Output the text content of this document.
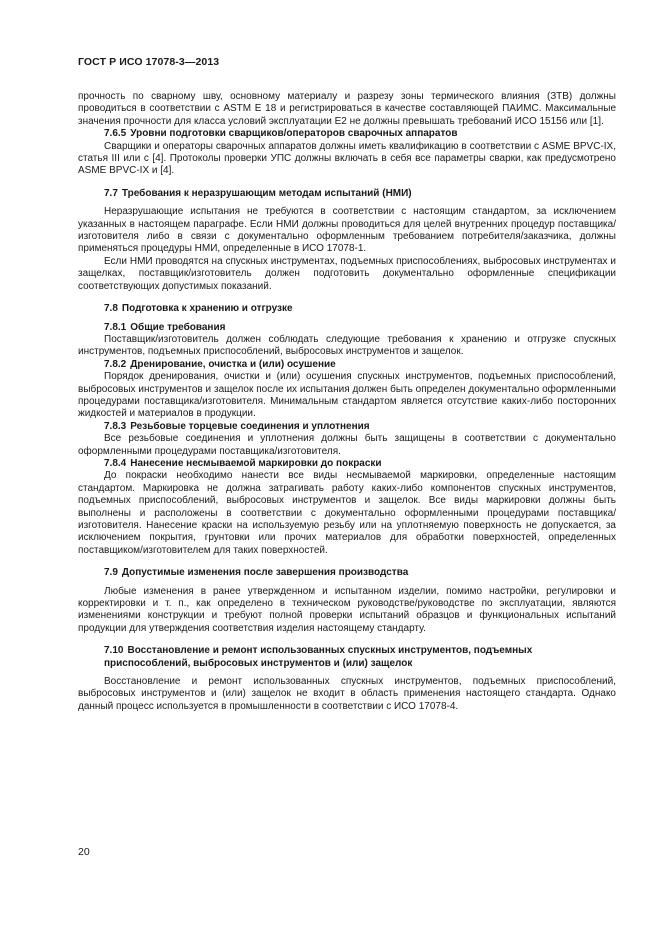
ГОСТ Р ИСО 17078-3—2013

прочность по сварному шву, основному материалу и разрезу зоны термического влияния (ЗТВ) должны проводиться в соответствии с ASTM Е 18 и регистрироваться в качестве составляющей ПАИМС. Максимальные значения прочности для класса условий эксплуатации Е2 не должны превышать требований ИСО 15156 или [1].

7.6.5 Уровни подготовки сварщиков/операторов сварочных аппаратов

Сварщики и операторы сварочных аппаратов должны иметь квалификацию в соответствии с ASME BPVC-IX, статья III или с [4]. Протоколы проверки УПС должны включать в себя все параметры сварки, как предусмотрено ASME BPVC-IX и [4].

7.7 Требования к неразрушающим методам испытаний (НМИ)

Неразрушающие испытания не требуются в соответствии с настоящим стандартом, за исключением указанных в настоящем параграфе. Если НМИ должны проводиться для целей внутренних процедур поставщика/изготовителя либо в связи с документально оформленным требованием потребителя/заказчика, должны применяться процедуры НМИ, определенные в ИСО 17078-1.

Если НМИ проводятся на спускных инструментах, подъемных приспособлениях, выбросовых инструментах и защелках, поставщик/изготовитель должен подготовить документально оформленные спецификации соответствующих допустимых показаний.

7.8 Подготовка к хранению и отгрузке
7.8.1 Общие требования

Поставщик/изготовитель должен соблюдать следующие требования к хранению и отгрузке спускных инструментов, подъемных приспособлений, выбросовых инструментов и защелок.

7.8.2 Дренирование, очистка и (или) осушение

Порядок дренирования, очистки и (или) осушения спускных инструментов, подъемных приспособлений, выбросовых инструментов и защелок после их испытания должен быть определен документально оформленными процедурами поставщика/изготовителя. Минимальным стандартом является отсутствие каких-либо посторонних жидкостей и материалов в продукции.

7.8.3 Резьбовые торцевые соединения и уплотнения

Все резьбовые соединения и уплотнения должны быть защищены в соответствии с документально оформленными процедурами поставщика/изготовителя.

7.8.4 Нанесение несмываемой маркировки до покраски

До покраски необходимо нанести все виды несмываемой маркировки, определенные настоящим стандартом. Маркировка не должна затрагивать работу каких-либо компонентов спускных инструментов, подъемных приспособлений, выбросовых инструментов и защелок. Все виды маркировки должны быть выполнены и расположены в соответствии с документально оформленными процедурами поставщика/изготовителя. Нанесение краски на используемую резьбу или на уплотняемую поверхность не допускается, за исключением покрытия, грунтовки или прочих материалов для обработки поверхностей, определенных поставщиком/изготовителем для таких поверхностей.

7.9 Допустимые изменения после завершения производства

Любые изменения в ранее утвержденном и испытанном изделии, помимо настройки, регулировки и корректировки и т. п., как определено в техническом руководстве/руководстве по эксплуатации, являются изменениями конструкции и требуют полной проверки испытаний образцов и функциональных испытаний продукции для утверждения соответствия изделия настоящему стандарту.

7.10 Восстановление и ремонт использованных спускных инструментов, подъемных приспособлений, выбросовых инструментов и (или) защелок

Восстановление и ремонт использованных спускных инструментов, подъемных приспособлений, выбросовых инструментов и (или) защелок не входит в область применения настоящего стандарта. Однако данный процесс используется в промышленности в соответствии с ИСО 17078-4.

20
